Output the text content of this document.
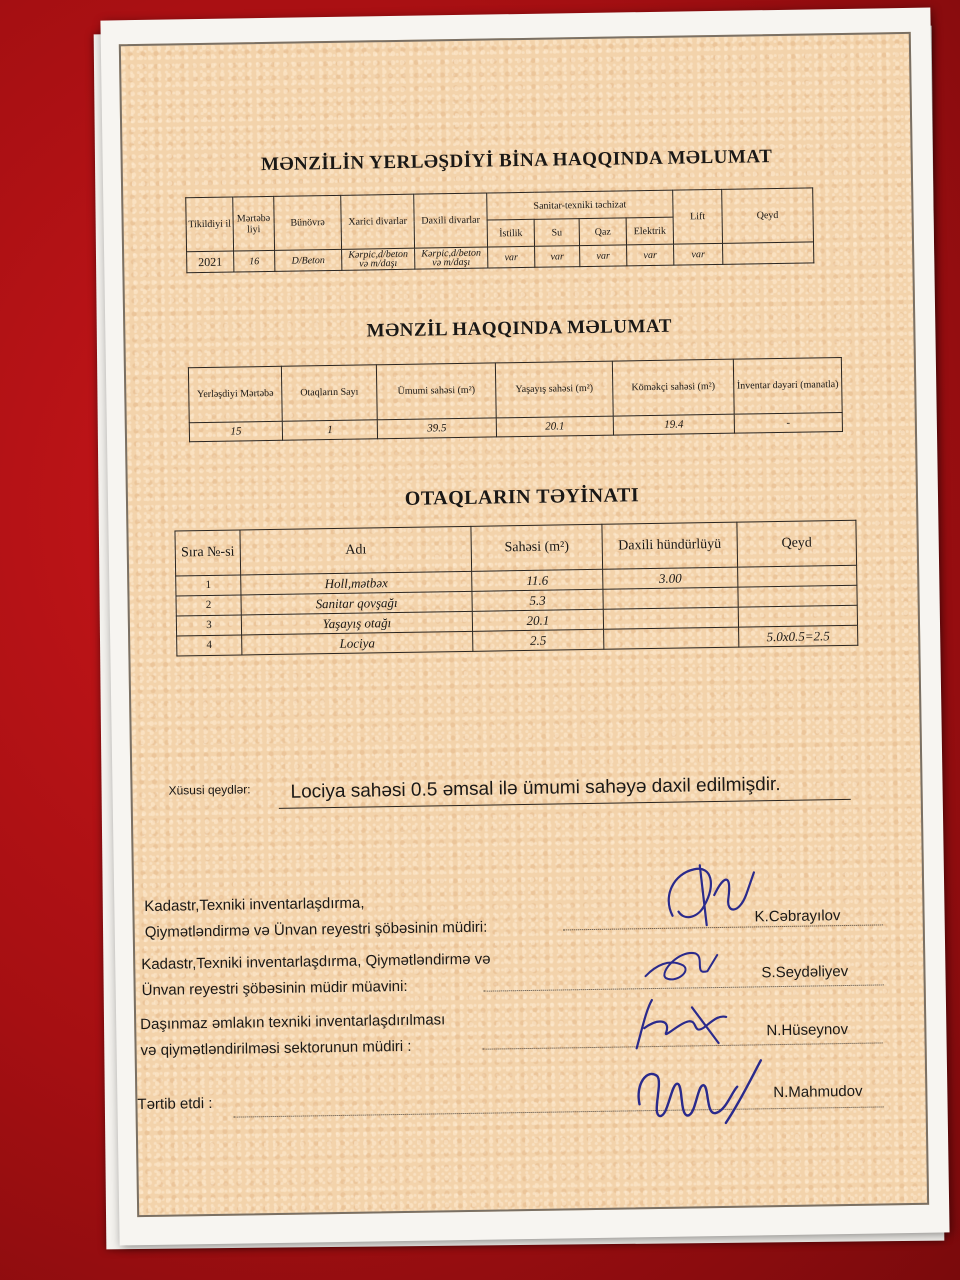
MƏNZİLİN YERLƏŞDİYİ BİNA HAQQINDA MƏLUMAT
Tikildiyi il	Mərtəbə liyi	Bünövrə	Xarici divarlar	Daxili divarlar	Sanitar-texniki təchizat				Lift	Qeyd
					İstilik	Su	Qaz	Elektrik		
2021	16	D/Beton	Kərpic,d/beton və m/daşı	Kərpic,d/beton və m/daşı	var	var	var	var	var	
MƏNZİL HAQQINDA MƏLUMAT
Yerləşdiyi Mərtəbə	Otaqların Sayı	Ümumi sahəsi (m²)	Yaşayış sahəsi (m²)	Köməkçi sahəsi (m²)	İnventar dəyəri (manatla)
15	1	39.5	20.1	19.4	-
OTAQLARIN TƏYİNATI
Sıra №-si	Adı	Sahəsi (m²)	Daxili hündürlüyü	Qeyd
1	Holl,mətbəx	11.6	3.00	
2	Sanitar qovşağı	5.3		
3	Yaşayış otağı	20.1		
4	Lociya	2.5		5.0x0.5=2.5
Xüsusi qeydlər: Lociya sahəsi 0.5 əmsal ilə ümumi sahəyə daxil edilmişdir.
Kadastr,Texniki inventarlaşdırma,
Qiymətləndirmə və Ünvan reyestri şöbəsinin müdiri:
K.Cəbrayılov
Kadastr,Texniki inventarlaşdırma, Qiymətləndirmə və
Ünvan reyestri şöbəsinin müdir müavini:
S.Seydəliyev
Daşınmaz əmlakın texniki inventarlaşdırılması
və qiymətləndirilməsi sektorunun müdiri :
N.Hüseynov
Tərtib etdi :
N.Mahmudov
